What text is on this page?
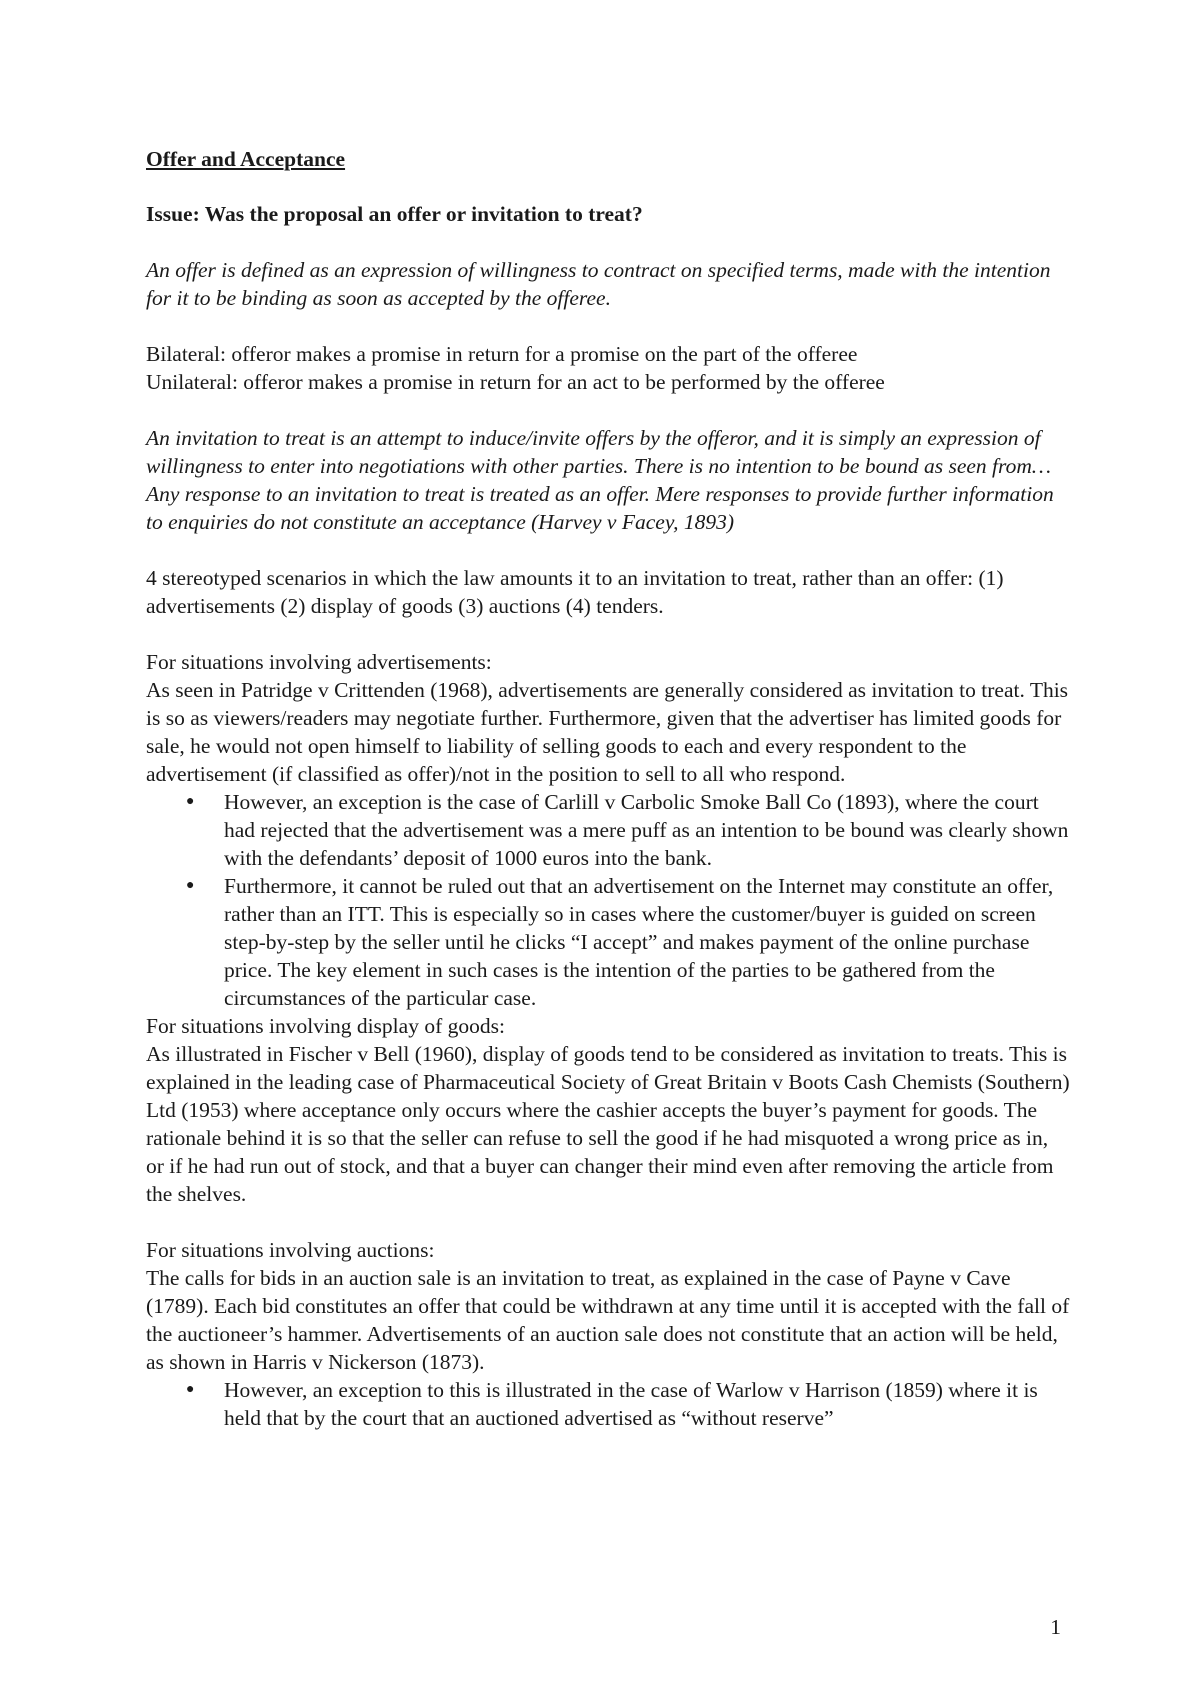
Offer and Acceptance

Issue: Was the proposal an offer or invitation to treat?

An offer is defined as an expression of willingness to contract on specified terms, made with the intention for it to be binding as soon as accepted by the offeree.

Bilateral: offeror makes a promise in return for a promise on the part of the offeree

Unilateral: offeror makes a promise in return for an act to be performed by the offeree

An invitation to treat is an attempt to induce/invite offers by the offeror, and it is simply an expression of willingness to enter into negotiations with other parties. There is no intention to be bound as seen from…

Any response to an invitation to treat is treated as an offer. Mere responses to provide further information to enquiries do not constitute an acceptance (Harvey v Facey, 1893)

4 stereotyped scenarios in which the law amounts it to an invitation to treat, rather than an offer: (1) advertisements (2) display of goods (3) auctions (4) tenders.

For situations involving advertisements:

As seen in Patridge v Crittenden (1968), advertisements are generally considered as invitation to treat. This is so as viewers/readers may negotiate further. Furthermore, given that the advertiser has limited goods for sale, he would not open himself to liability of selling goods to each and every respondent to the advertisement (if classified as offer)/not in the position to sell to all who respond.

● However, an exception is the case of Carlill v Carbolic Smoke Ball Co (1893), where the court had rejected that the advertisement was a mere puff as an intention to be bound was clearly shown with the defendants’ deposit of 1000 euros into the bank.
● Furthermore, it cannot be ruled out that an advertisement on the Internet may constitute an offer, rather than an ITT. This is especially so in cases where the customer/buyer is guided on screen step-by-step by the seller until he clicks “I accept” and makes payment of the online purchase price. The key element in such cases is the intention of the parties to be gathered from the circumstances of the particular case.

For situations involving display of goods:

As illustrated in Fischer v Bell (1960), display of goods tend to be considered as invitation to treats. This is explained in the leading case of Pharmaceutical Society of Great Britain v Boots Cash Chemists (Southern) Ltd (1953) where acceptance only occurs where the cashier accepts the buyer’s payment for goods. The rationale behind it is so that the seller can refuse to sell the good if he had misquoted a wrong price as in, or if he had run out of stock, and that a buyer can changer their mind even after removing the article from the shelves.

For situations involving auctions:

The calls for bids in an auction sale is an invitation to treat, as explained in the case of Payne v Cave (1789). Each bid constitutes an offer that could be withdrawn at any time until it is accepted with the fall of the auctioneer’s hammer. Advertisements of an auction sale does not constitute that an action will be held, as shown in Harris v Nickerson (1873).

● However, an exception to this is illustrated in the case of Warlow v Harrison (1859) where it is held that by the court that an auctioned advertised as “without reserve”
1
